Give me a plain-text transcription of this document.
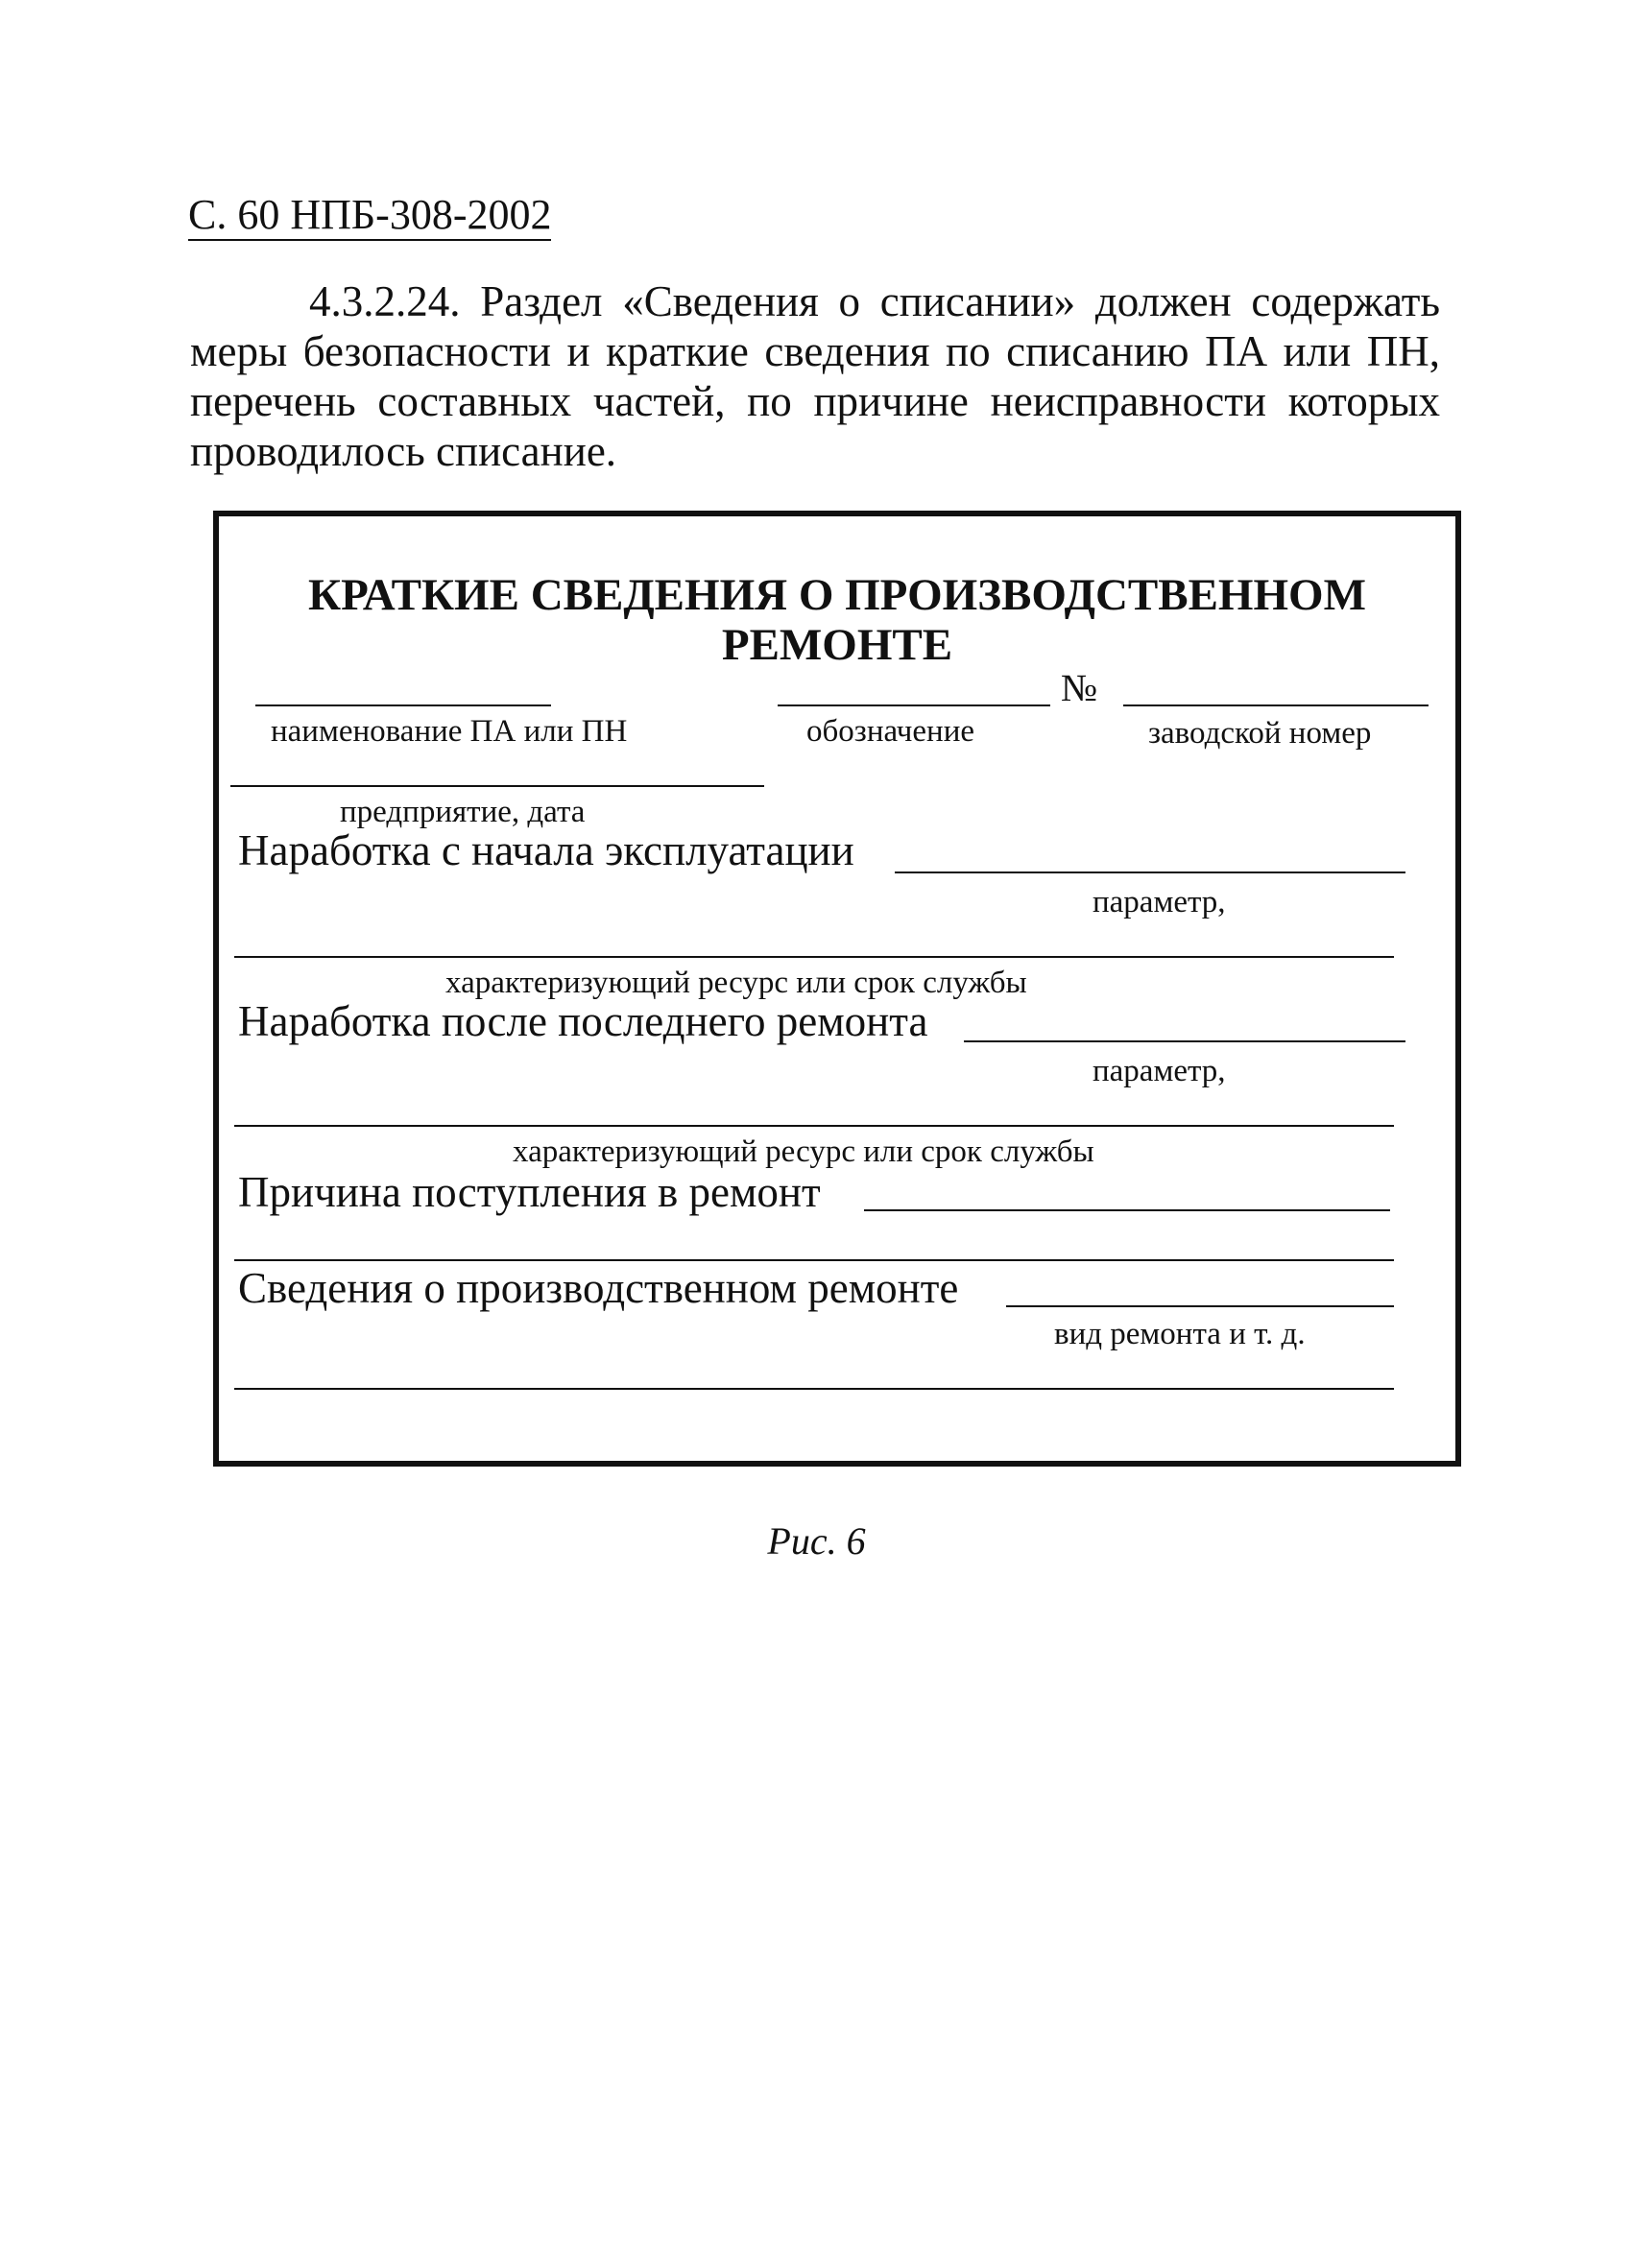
С. 60 НПБ-308-2002

4.3.2.24. Раздел «Сведения о списании» должен содержать меры безопасности и краткие сведения по списанию ПА или ПН, перечень составных частей, по причине неисправности которых проводилось списание.

КРАТКИЕ СВЕДЕНИЯ О ПРОИЗВОДСТВЕННОМ
РЕМОНТЕ
№
наименование ПА или ПН	обозначение	заводской номер
предприятие, дата
Наработка с начала эксплуатации
параметр,
характеризующий ресурс или срок службы
Наработка после последнего ремонта
параметр,
характеризующий ресурс или срок службы
Причина поступления в ремонт
Сведения о производственном ремонте
вид ремонта и т. д.
Рис. 6
